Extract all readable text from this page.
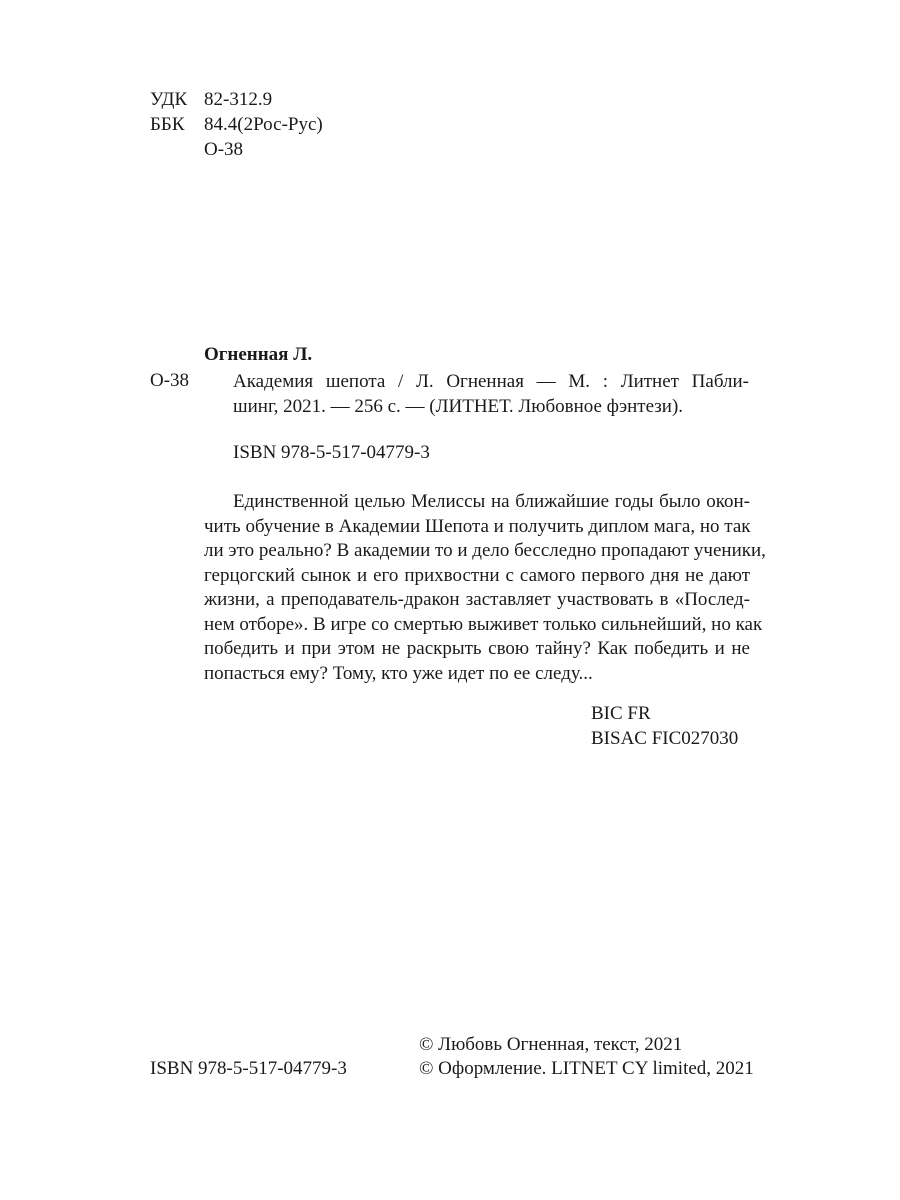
УДК 82-312.9
ББК 84.4(2Рос-Рус)
О-38
Огненная Л.
О-38 Академия шепота / Л. Огненная — М. : Литнет Пабли-
шинг, 2021. — 256 с. — (ЛИТНЕТ. Любовное фэнтези).
ISBN 978-5-517-04779-3
Единственной целью Мелиссы на ближайшие годы было окон-
чить обучение в Академии Шепота и получить диплом мага, но так
ли это реально? В академии то и дело бесследно пропадают ученики,
герцогский сынок и его прихвостни с самого первого дня не дают
жизни, а преподаватель-дракон заставляет участвовать в «Послед-
нем отборе». В игре со смертью выживет только сильнейший, но как
победить и при этом не раскрыть свою тайну? Как победить и не
попасться ему? Тому, кто уже идет по ее следу...
BIC FR
BISAC FIC027030
© Любовь Огненная, текст, 2021
© Оформление. LITNET CY limited, 2021
ISBN 978-5-517-04779-3
